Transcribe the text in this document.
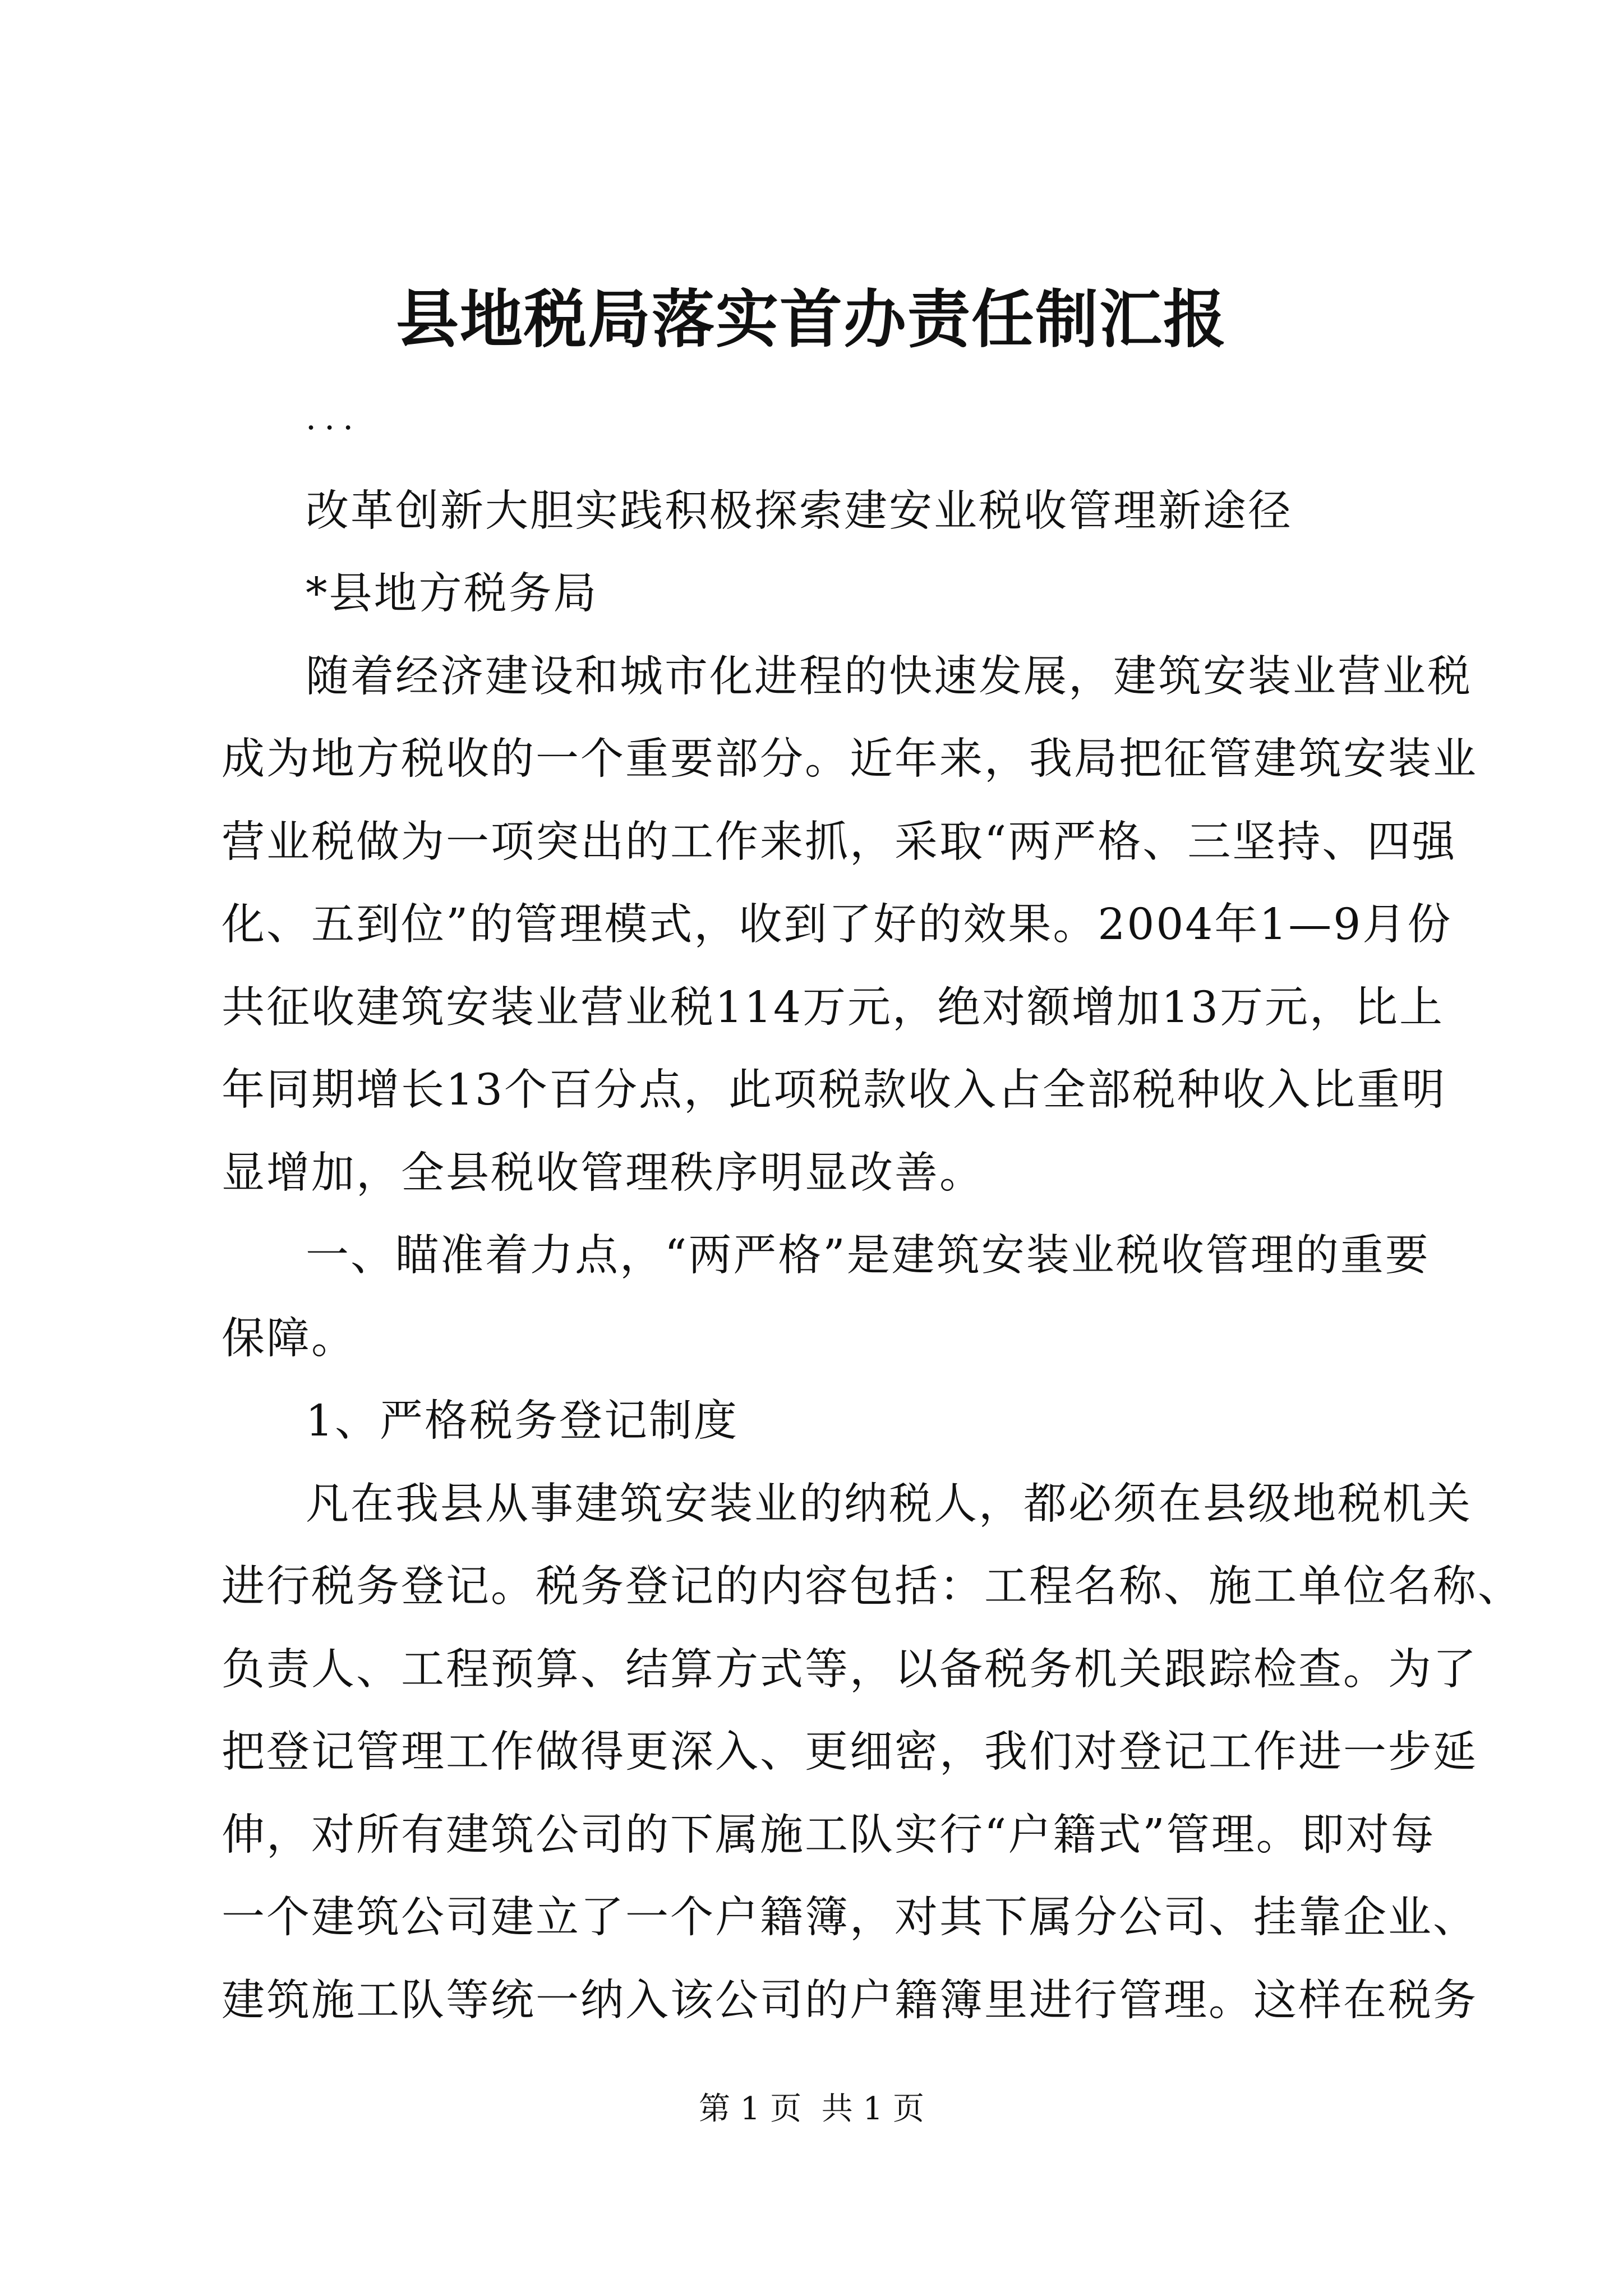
县地税局落实首办责任制汇报
···
改革创新大胆实践积极探索建安业税收管理新途径
*县地方税务局
随着经济建设和城市化进程的快速发展，建筑安装业营业税
成为地方税收的一个重要部分。近年来，我局把征管建筑安装业
营业税做为一项突出的工作来抓，采取“两严格、三坚持、四强
化、五到位”的管理模式，收到了好的效果。2004年1—9月份
共征收建筑安装业营业税114万元，绝对额增加13万元，比上
年同期增长13个百分点，此项税款收入占全部税种收入比重明
显增加，全县税收管理秩序明显改善。
一、瞄准着力点，“两严格”是建筑安装业税收管理的重要
保障。
1、严格税务登记制度
凡在我县从事建筑安装业的纳税人，都必须在县级地税机关
进行税务登记。税务登记的内容包括：工程名称、施工单位名称、
负责人、工程预算、结算方式等，以备税务机关跟踪检查。为了
把登记管理工作做得更深入、更细密，我们对登记工作进一步延
伸，对所有建筑公司的下属施工队实行“户籍式”管理。即对每
一个建筑公司建立了一个户籍簿，对其下属分公司、挂靠企业、
建筑施工队等统一纳入该公司的户籍簿里进行管理。这样在税务
第 1 页  共 1 页
